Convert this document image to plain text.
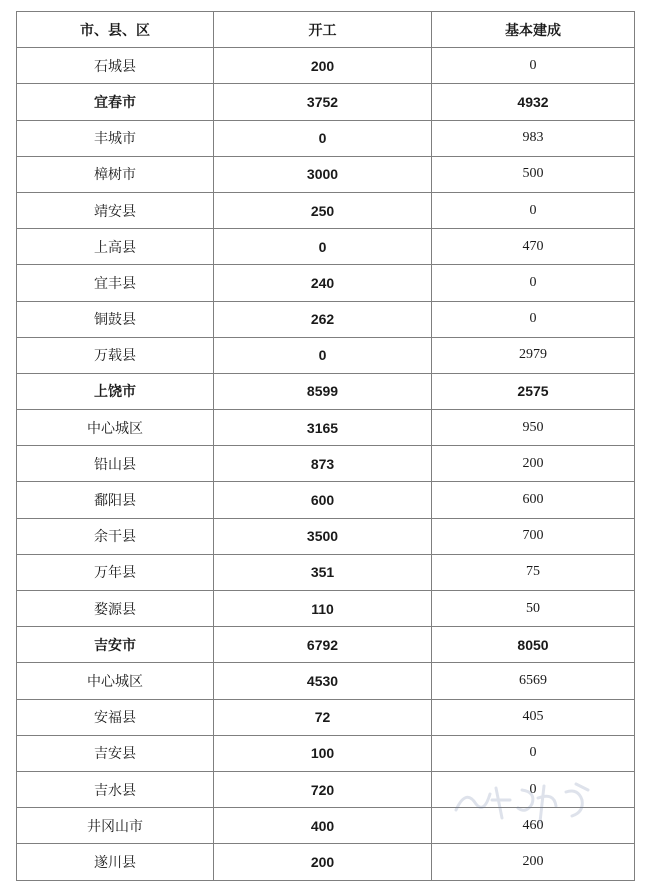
市、县、区	开工	基本建成
石城县	200	0
宜春市	3752	4932
丰城市	0	983
樟树市	3000	500
靖安县	250	0
上高县	0	470
宜丰县	240	0
铜鼓县	262	0
万载县	0	2979
上饶市	8599	2575
中心城区	3165	950
铅山县	873	200
鄱阳县	600	600
余干县	3500	700
万年县	351	75
婺源县	110	50
吉安市	6792	8050
中心城区	4530	6569
安福县	72	405
吉安县	100	0
吉水县	720	0
井冈山市	400	460
遂川县	200	200
